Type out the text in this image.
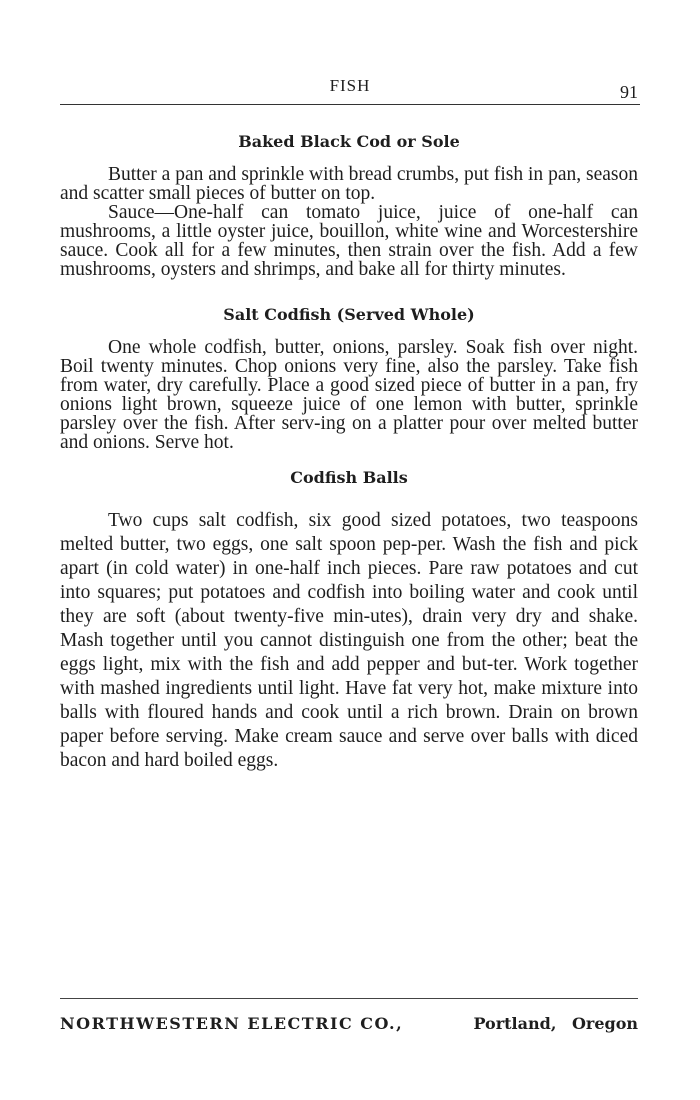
FISH	91
Baked Black Cod or Sole

Butter a pan and sprinkle with bread crumbs, put fish in pan, season and scatter small pieces of butter on top.

Sauce—One-half can tomato juice, juice of one-half can mushrooms, a little oyster juice, bouillon, white wine and Worcestershire sauce. Cook all for a few minutes, then strain over the fish. Add a few mushrooms, oysters and shrimps, and bake all for thirty minutes.

Salt Codfish (Served Whole)

One whole codfish, butter, onions, parsley. Soak fish over night. Boil twenty minutes. Chop onions very fine, also the parsley. Take fish from water, dry carefully. Place a good sized piece of butter in a pan, fry onions light brown, squeeze juice of one lemon with butter, sprinkle parsley over the fish. After serv-ing on a platter pour over melted butter and onions. Serve hot.

Codfish Balls

Two cups salt codfish, six good sized potatoes, two teaspoons melted butter, two eggs, one salt spoon pep-per. Wash the fish and pick apart (in cold water) in one-half inch pieces. Pare raw potatoes and cut into squares; put potatoes and codfish into boiling water and cook until they are soft (about twenty-five min-utes), drain very dry and shake. Mash together until you cannot distinguish one from the other; beat the eggs light, mix with the fish and add pepper and but-ter. Work together with mashed ingredients until light. Have fat very hot, make mixture into balls with floured hands and cook until a rich brown. Drain on brown paper before serving. Make cream sauce and serve over balls with diced bacon and hard boiled eggs.

NORTHWESTERN ELECTRIC CO.,	Portland, Oregon
